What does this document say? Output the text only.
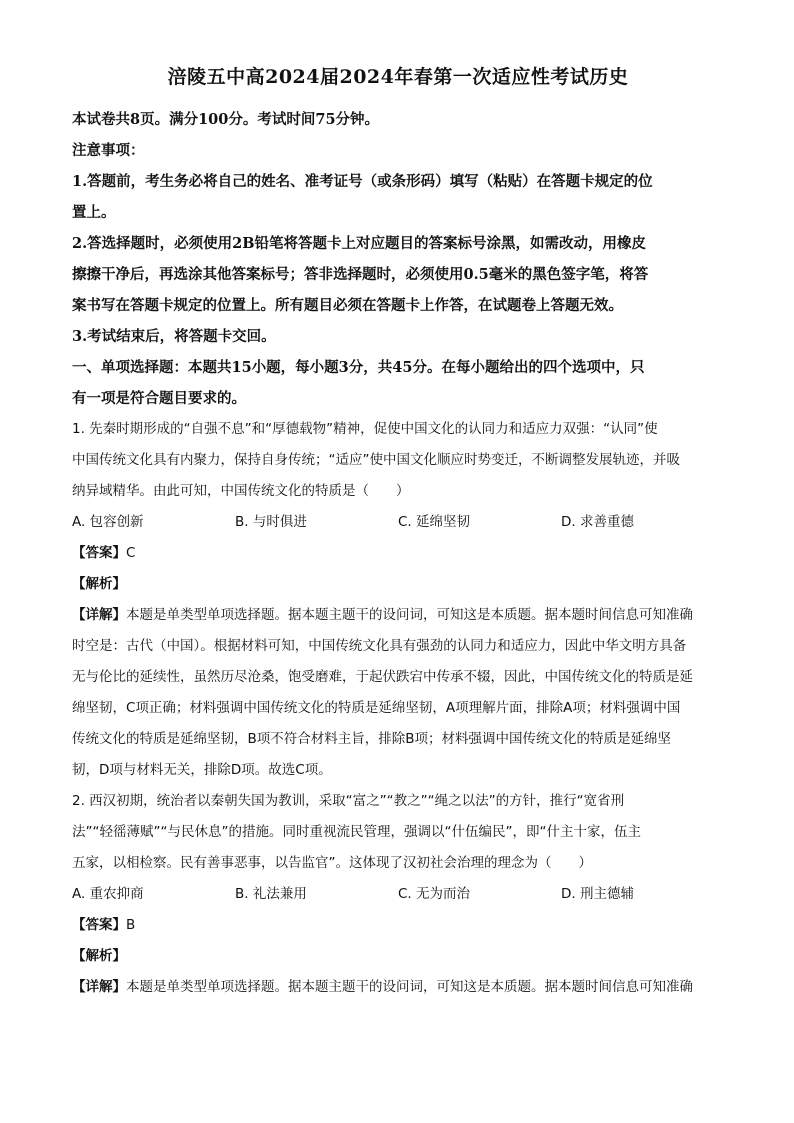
涪陵五中高2024届2024年春第一次适应性考试历史
本试卷共8页。满分100分。考试时间75分钟。
注意事项：
1.答题前，考生务必将自己的姓名、准考证号（或条形码）填写（粘贴）在答题卡规定的位
置上。
2.答选择题时，必须使用2B铅笔将答题卡上对应题目的答案标号涂黑，如需改动，用橡皮
擦擦干净后，再选涂其他答案标号；答非选择题时，必须使用0.5毫米的黑色签字笔，将答
案书写在答题卡规定的位置上。所有题目必须在答题卡上作答，在试题卷上答题无效。
3.考试结束后，将答题卡交回。
一、单项选择题：本题共15小题，每小题3分，共45分。在每小题给出的四个选项中，只
有一项是符合题目要求的。
1. 先秦时期形成的“自强不息”和“厚德载物”精神，促使中国文化的认同力和适应力双强：“认同”使
中国传统文化具有内聚力，保持自身传统；“适应”使中国文化顺应时势变迁，不断调整发展轨迹，并吸
纳异域精华。由此可知，中国传统文化的特质是（　　）
A. 包容创新	B. 与时俱进	C. 延绵坚韧	D. 求善重德
【答案】C
【解析】
【详解】本题是单类型单项选择题。据本题主题干的设问词，可知这是本质题。据本题时间信息可知准确
时空是：古代（中国）。根据材料可知，中国传统文化具有强劲的认同力和适应力，因此中华文明方具备
无与伦比的延续性，虽然历尽沧桑，饱受磨难，于起伏跌宕中传承不辍，因此，中国传统文化的特质是延
绵坚韧，C项正确；材料强调中国传统文化的特质是延绵坚韧，A项理解片面，排除A项；材料强调中国
传统文化的特质是延绵坚韧，B项不符合材料主旨，排除B项；材料强调中国传统文化的特质是延绵坚
韧，D项与材料无关，排除D项。故选C项。
2. 西汉初期，统治者以秦朝失国为教训，采取“富之”“教之”“绳之以法”的方针，推行“宽省刑
法”“轻徭薄赋”“与民休息”的措施。同时重视流民管理，强调以“什伍编民”，即“什主十家，伍主
五家，以相检察。民有善事恶事，以告监官”。这体现了汉初社会治理的理念为（　　）
A. 重农抑商	B. 礼法兼用	C. 无为而治	D. 刑主德辅
【答案】B
【解析】
【详解】本题是单类型单项选择题。据本题主题干的设问词，可知这是本质题。据本题时间信息可知准确
